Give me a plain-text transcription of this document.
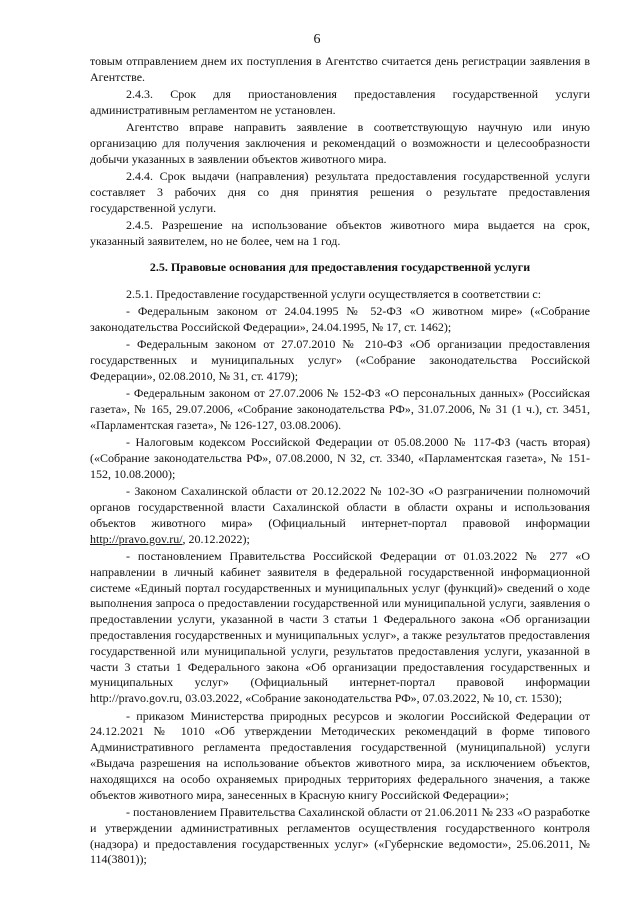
6

товым отправлением днем их поступления в Агентство считается день регистрации заявления в Агентстве.

2.4.3. Срок для приостановления предоставления государственной услуги административным регламентом не установлен.

Агентство вправе направить заявление в соответствующую научную или иную организацию для получения заключения и рекомендаций о возможности и целесообразности добычи указанных в заявлении объектов животного мира.

2.4.4. Срок выдачи (направления) результата предоставления государственной услуги составляет 3 рабочих дня со дня принятия решения о результате предоставления государственной услуги.

2.4.5. Разрешение на использование объектов животного мира выдается на срок, указанный заявителем, но не более, чем на 1 год.

2.5. Правовые основания для предоставления государственной услуги

2.5.1. Предоставление государственной услуги осуществляется в соответствии с:

- Федеральным законом от 24.04.1995 № 52-ФЗ «О животном мире» («Собрание законодательства Российской Федерации», 24.04.1995, № 17, ст. 1462);

- Федеральным законом от 27.07.2010 № 210-ФЗ «Об организации предоставления государственных и муниципальных услуг» («Собрание законодательства Российской Федерации», 02.08.2010, № 31, ст. 4179);

- Федеральным законом от 27.07.2006 № 152-ФЗ «О персональных данных» (Российская газета», № 165, 29.07.2006, «Собрание законодательства РФ», 31.07.2006, № 31 (1 ч.), ст. 3451, «Парламентская газета», № 126-127, 03.08.2006).

- Налоговым кодексом Российской Федерации от 05.08.2000 № 117-ФЗ (часть вторая) («Собрание законодательства РФ», 07.08.2000, N 32, ст. 3340, «Парламентская газета», № 151-152, 10.08.2000);

- Законом Сахалинской области от 20.12.2022 № 102-ЗО «О разграничении полномочий органов государственной власти Сахалинской области в области охраны и использования объектов животного мира» (Официальный интернет-портал правовой информации http://pravo.gov.ru/, 20.12.2022);

- постановлением Правительства Российской Федерации от 01.03.2022 № 277 «О направлении в личный кабинет заявителя в федеральной государственной информационной системе «Единый портал государственных и муниципальных услуг (функций)» сведений о ходе выполнения запроса о предоставлении государственной или муниципальной услуги, заявления о предоставлении услуги, указанной в части 3 статьи 1 Федерального закона «Об организации предоставления государственных и муниципальных услуг», а также результатов предоставления государственной или муниципальной услуги, результатов предоставления услуги, указанной в части 3 статьи 1 Федерального закона «Об организации предоставления государственных и муниципальных услуг» (Официальный интернет-портал правовой информации http://pravo.gov.ru, 03.03.2022, «Собрание законодательства РФ», 07.03.2022, № 10, ст. 1530);

- приказом Министерства природных ресурсов и экологии Российской Федерации от 24.12.2021 № 1010 «Об утверждении Методических рекомендаций в форме типового Административного регламента предоставления государственной (муниципальной) услуги «Выдача разрешения на использование объектов животного мира, за исключением объектов, находящихся на особо охраняемых природных территориях федерального значения, а также объектов животного мира, занесенных в Красную книгу Российской Федерации»;

- постановлением Правительства Сахалинской области от 21.06.2011 № 233 «О разработке и утверждении административных регламентов осуществления государственного контроля (надзора) и предоставления государственных услуг» («Губернские ведомости», 25.06.2011, № 114(3801));
